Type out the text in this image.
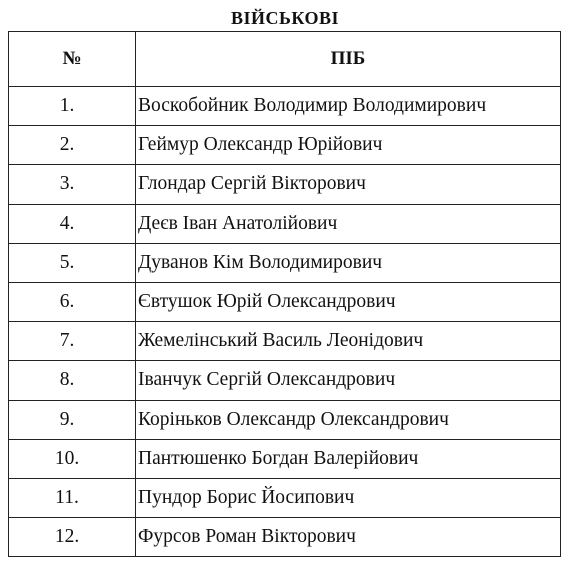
ВІЙСЬКОВІ
№	ПІБ
1.	Воскобойник Володимир Володимирович
2.	Геймур Олександр Юрійович
3.	Глондар Сергій Вікторович
4.	Деєв Іван Анатолійович
5.	Дуванов Кім Володимирович
6.	Євтушок Юрій Олександрович
7.	Жемелінський Василь Леонідович
8.	Іванчук Сергій Олександрович
9.	Коріньков Олександр Олександрович
10.	Пантюшенко Богдан Валерійович
11.	Пундор Борис Йосипович
12.	Фурсов Роман Вікторович
